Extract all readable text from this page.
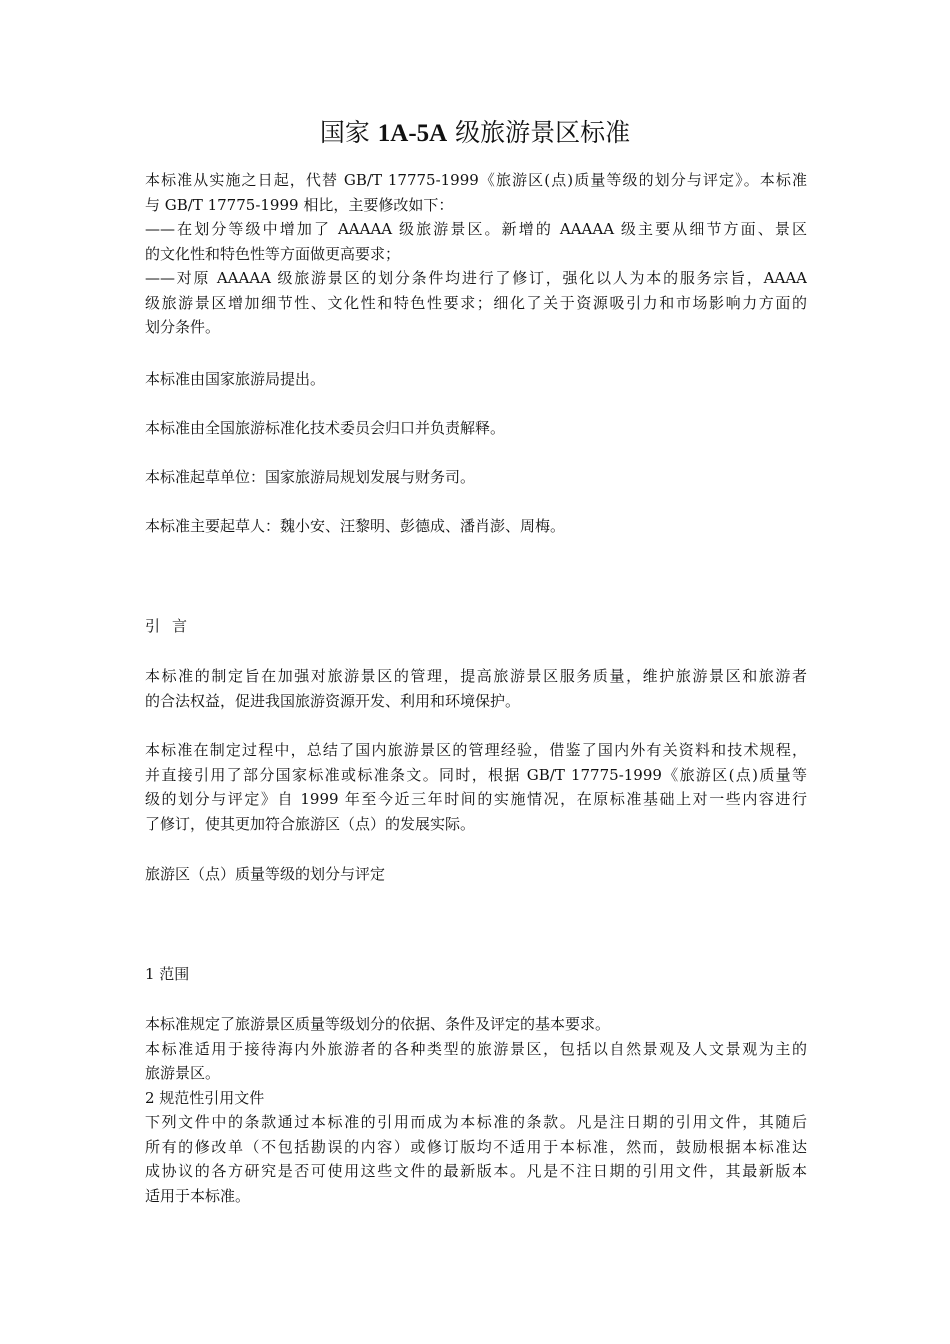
国家 1A-5A 级旅游景区标准
本标准从实施之日起，代替 GB/T 17775-1999《旅游区(点)质量等级的划分与评定》。本标准
与 GB/T 17775-1999 相比，主要修改如下：
——在划分等级中增加了 AAAAA 级旅游景区。新增的 AAAAA 级主要从细节方面、景区
的文化性和特色性等方面做更高要求；
——对原 AAAAA 级旅游景区的划分条件均进行了修订，强化以人为本的服务宗旨，AAAA
级旅游景区增加细节性、文化性和特色性要求；细化了关于资源吸引力和市场影响力方面的
划分条件。
本标准由国家旅游局提出。
本标准由全国旅游标准化技术委员会归口并负责解释。
本标准起草单位：国家旅游局规划发展与财务司。
本标准主要起草人：魏小安、汪黎明、彭德成、潘肖澎、周梅。
引言
本标准的制定旨在加强对旅游景区的管理，提高旅游景区服务质量，维护旅游景区和旅游者
的合法权益，促进我国旅游资源开发、利用和环境保护。
本标准在制定过程中，总结了国内旅游景区的管理经验，借鉴了国内外有关资料和技术规程，
并直接引用了部分国家标准或标准条文。同时，根据 GB/T 17775-1999《旅游区(点)质量等
级的划分与评定》自 1999 年至今近三年时间的实施情况，在原标准基础上对一些内容进行
了修订，使其更加符合旅游区（点）的发展实际。
旅游区（点）质量等级的划分与评定
1 范围
本标准规定了旅游景区质量等级划分的依据、条件及评定的基本要求。
本标准适用于接待海内外旅游者的各种类型的旅游景区，包括以自然景观及人文景观为主的
旅游景区。
2 规范性引用文件
下列文件中的条款通过本标准的引用而成为本标准的条款。凡是注日期的引用文件，其随后
所有的修改单（不包括勘误的内容）或修订版均不适用于本标准，然而，鼓励根据本标准达
成协议的各方研究是否可使用这些文件的最新版本。凡是不注日期的引用文件，其最新版本
适用于本标准。
